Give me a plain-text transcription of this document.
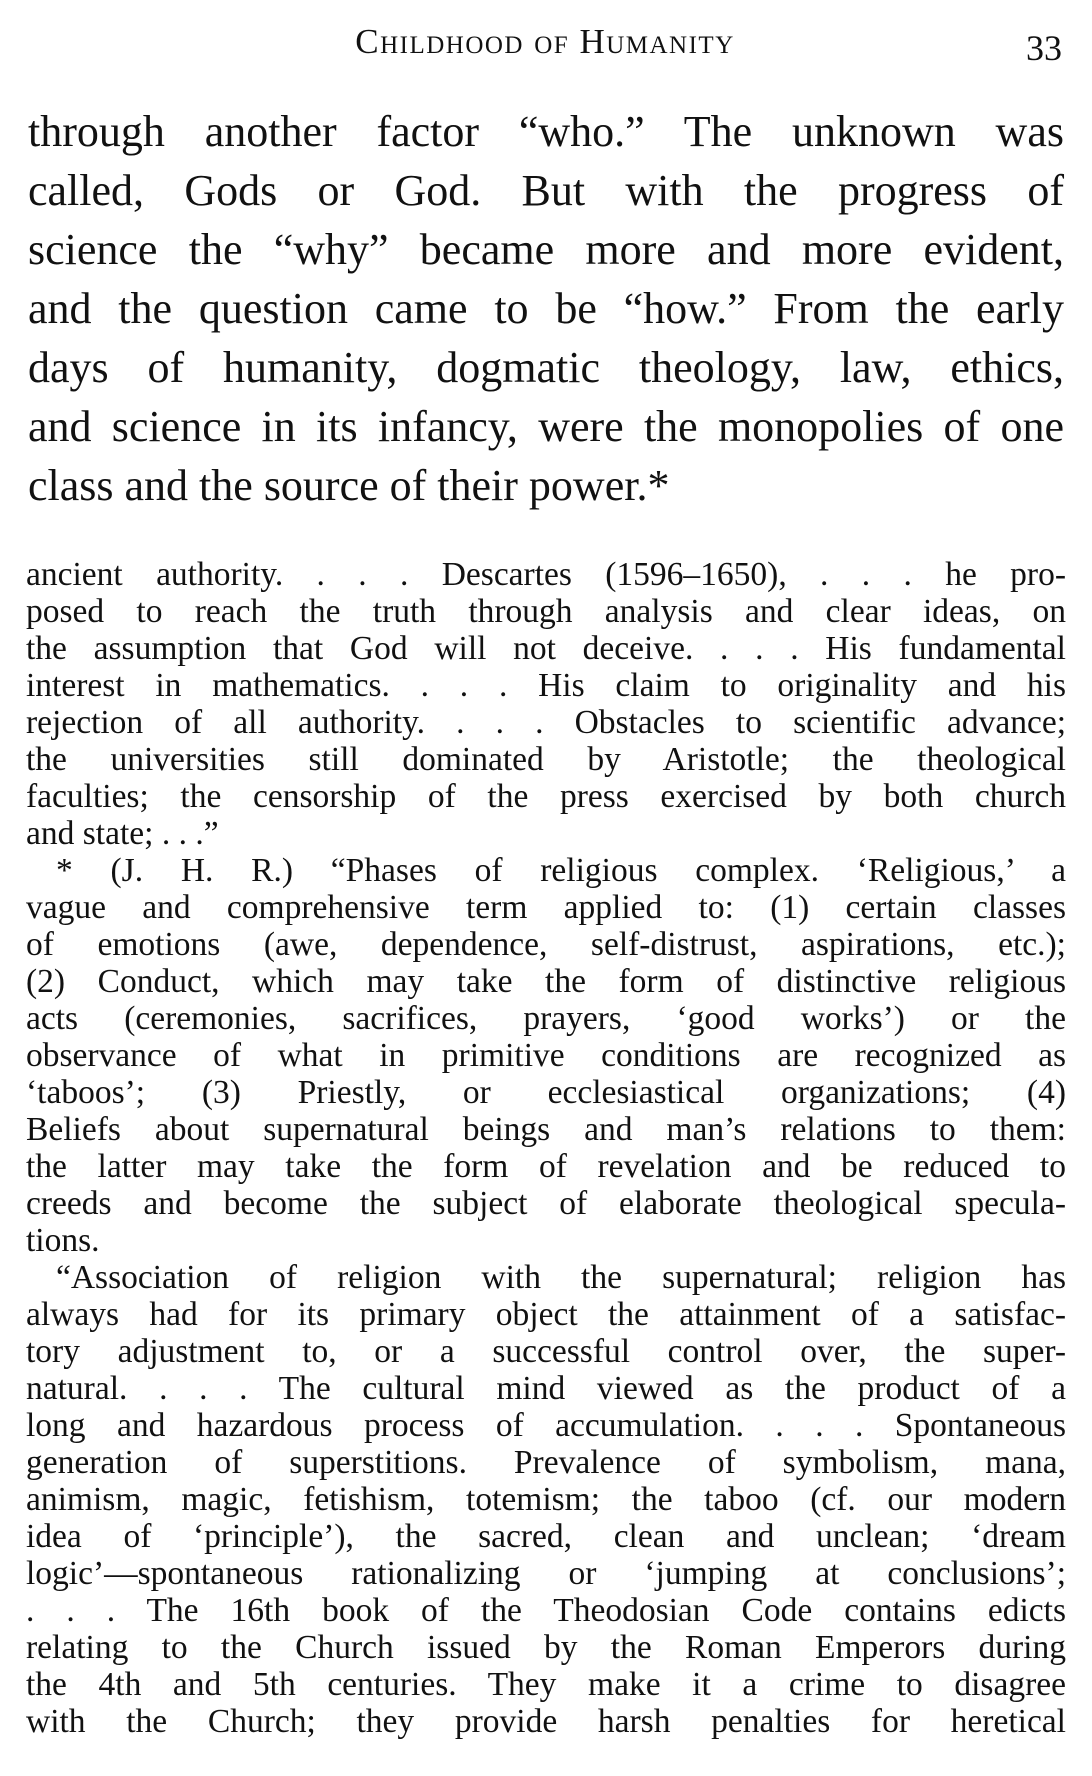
Childhood of Humanity	33
through another factor “who.” The unknown was
called, Gods or God. But with the progress of
science the “why” became more and more evident,
and the question came to be “how.” From the early
days of humanity, dogmatic theology, law, ethics,
and science in its infancy, were the monopolies of one
class and the source of their power.*
ancient authority. . . . Descartes (1596–1650), . . . he pro-
posed to reach the truth through analysis and clear ideas, on
the assumption that God will not deceive. . . . His fundamental
interest in mathematics. . . . His claim to originality and his
rejection of all authority. . . . Obstacles to scientific advance;
the universities still dominated by Aristotle; the theological
faculties; the censorship of the press exercised by both church
and state; . . .”
* (J. H. R.) “Phases of religious complex. ‘Religious,’ a
vague and comprehensive term applied to: (1) certain classes
of emotions (awe, dependence, self-distrust, aspirations, etc.);
(2) Conduct, which may take the form of distinctive religious
acts (ceremonies, sacrifices, prayers, ‘good works’) or the
observance of what in primitive conditions are recognized as
‘taboos’; (3) Priestly, or ecclesiastical organizations; (4)
Beliefs about supernatural beings and man’s relations to them:
the latter may take the form of revelation and be reduced to
creeds and become the subject of elaborate theological specula-
tions.
“Association of religion with the supernatural; religion has
always had for its primary object the attainment of a satisfac-
tory adjustment to, or a successful control over, the super-
natural. . . . The cultural mind viewed as the product of a
long and hazardous process of accumulation. . . . Spontaneous
generation of superstitions. Prevalence of symbolism, mana,
animism, magic, fetishism, totemism; the taboo (cf. our modern
idea of ‘principle’), the sacred, clean and unclean; ‘dream
logic’—spontaneous rationalizing or ‘jumping at conclusions’;
. . . The 16th book of the Theodosian Code contains edicts
relating to the Church issued by the Roman Emperors during
the 4th and 5th centuries. They make it a crime to disagree
with the Church; they provide harsh penalties for heretical
